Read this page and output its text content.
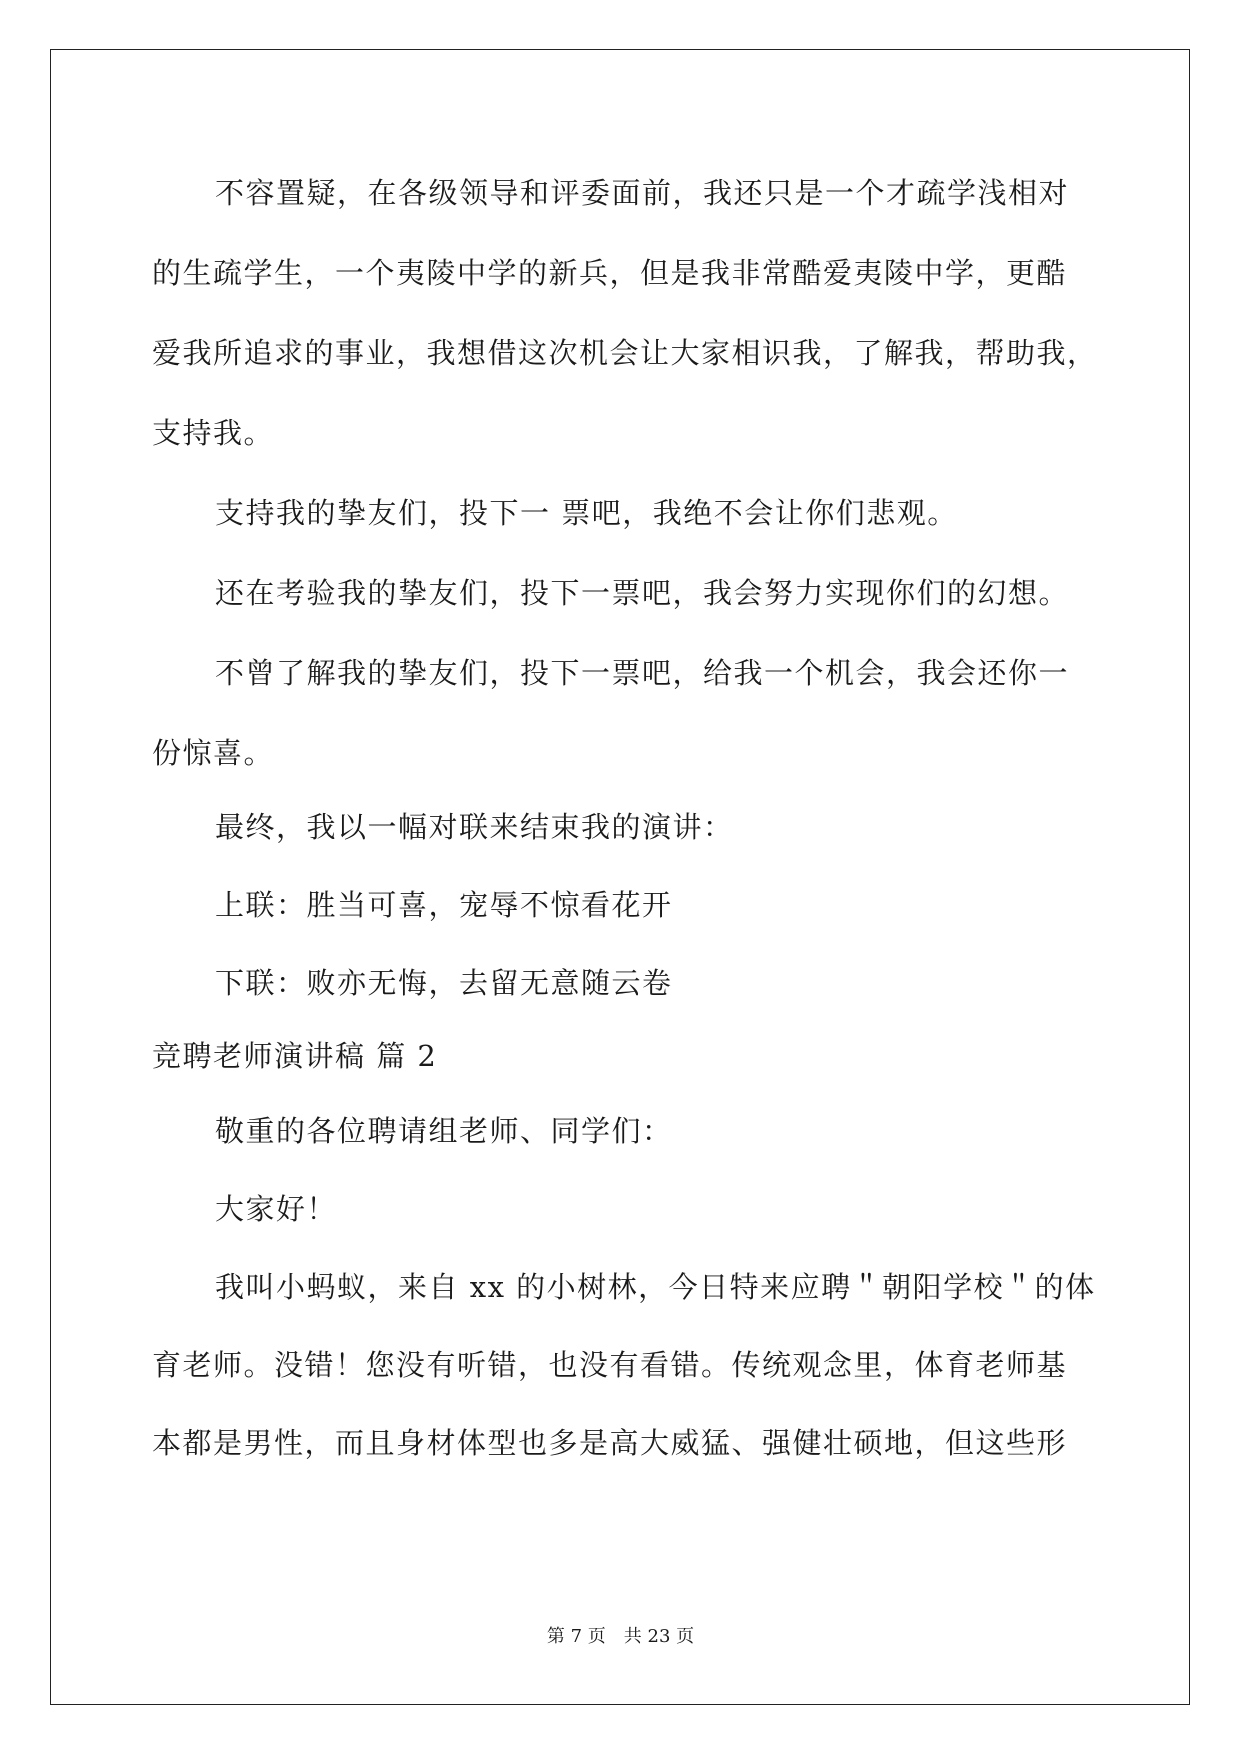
不容置疑，在各级领导和评委面前，我还只是一个才疏学浅相对
的生疏学生，一个夷陵中学的新兵，但是我非常酷爱夷陵中学，更酷
爱我所追求的事业，我想借这次机会让大家相识我，了解我，帮助我，
支持我。
支持我的挚友们，投下一 票吧，我绝不会让你们悲观。
还在考验我的挚友们，投下一票吧，我会努力实现你们的幻想。
不曾了解我的挚友们，投下一票吧，给我一个机会，我会还你一
份惊喜。
最终，我以一幅对联来结束我的演讲：
上联：胜当可喜，宠辱不惊看花开
下联：败亦无悔，去留无意随云卷
竞聘老师演讲稿 篇 2
敬重的各位聘请组老师、同学们：
大家好！
我叫小蚂蚁，来自 xx 的小树林，今日特来应聘＂朝阳学校＂的体
育老师。没错！您没有听错，也没有看错。传统观念里，体育老师基
本都是男性，而且身材体型也多是高大威猛、强健壮硕地，但这些形
第 7 页　共 23 页
